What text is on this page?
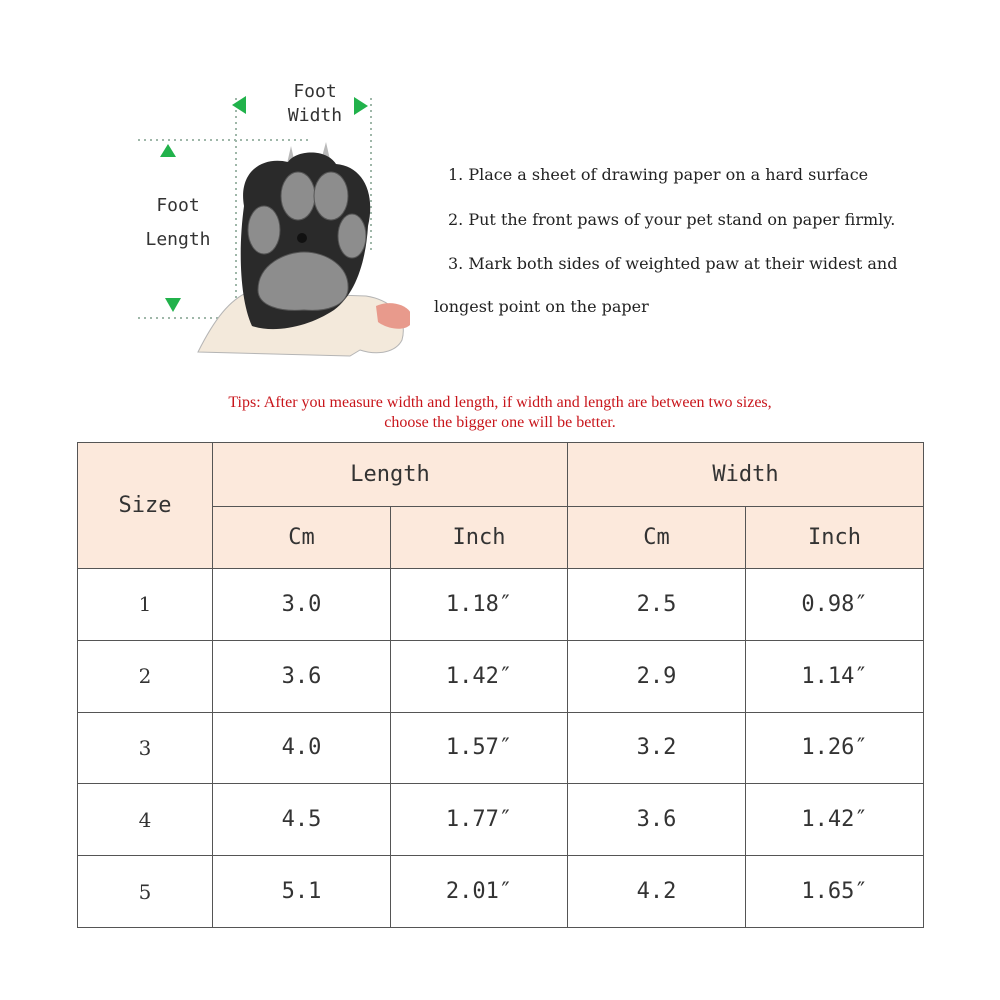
Foot
Width
Foot
Length
1. Place a sheet of drawing paper on a hard surface
2. Put the front paws of your pet stand on paper firmly.
3. Mark both sides of weighted paw at their widest and
longest point on the paper
Tips: After you measure width and length, if width and length are between two sizes,
choose the bigger one will be better.
Size	Length		Width	
	Cm	Inch	Cm	Inch
1	3.0	1.18″	2.5	0.98″
2	3.6	1.42″	2.9	1.14″
3	4.0	1.57″	3.2	1.26″
4	4.5	1.77″	3.6	1.42″
5	5.1	2.01″	4.2	1.65″
